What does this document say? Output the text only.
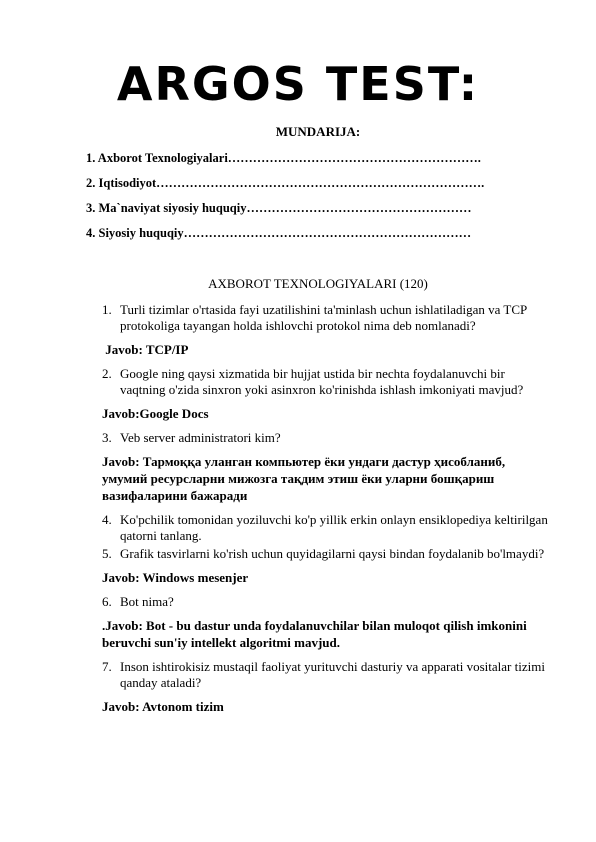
ARGOS TEST:
MUNDARIJA:
1. Axborot Texnologiyalari…………………………………………………….
2. Iqtisodiyot…………………………………………………………………….
3. Ma`naviyat siyosiy huquqiy………………………………………………
4. Siyosiy huquqiy……………………………………………………………
AXBOROT TEXNOLOGIYALARI (120)
1. Turli tizimlar o'rtasida fayi uzatilishini ta'minlash uchun ishlatiladigan va TCP protokoliga tayangan holda ishlovchi protokol nima deb nomlanadi?
Javob: TCP/IP
2. Google ning qaysi xizmatida bir hujjat ustida bir nechta foydalanuvchi bir vaqtning o'zida sinxron yoki asinxron ko'rinishda ishlash imkoniyati mavjud?
Javob:Google Docs
3. Veb server administratori kim?
Javob: Тармоққа уланган компьютер ёки ундаги дастур ҳисобланиб, умумий ресурсларни мижозга тақдим этиш ёки уларни бошқариш вазифаларини бажаради
4. Ko'pchilik tomonidan yoziluvchi ko'p yillik erkin onlayn ensiklopediya keltirilgan qatorni tanlang.
5. Grafik tasvirlarni ko'rish uchun quyidagilarni qaysi bindan foydalanib bo'lmaydi?
Javob: Windows mesenjer
6. Bot nima?
.Javob: Bot - bu dastur unda foydalanuvchilar bilan muloqot qilish imkonini beruvchi sun'iy intellekt algoritmi mavjud.
7. Inson ishtirokisiz mustaqil faoliyat yurituvchi dasturiy va apparati vositalar tizimi qanday ataladi?
Javob: Avtonom tizim
